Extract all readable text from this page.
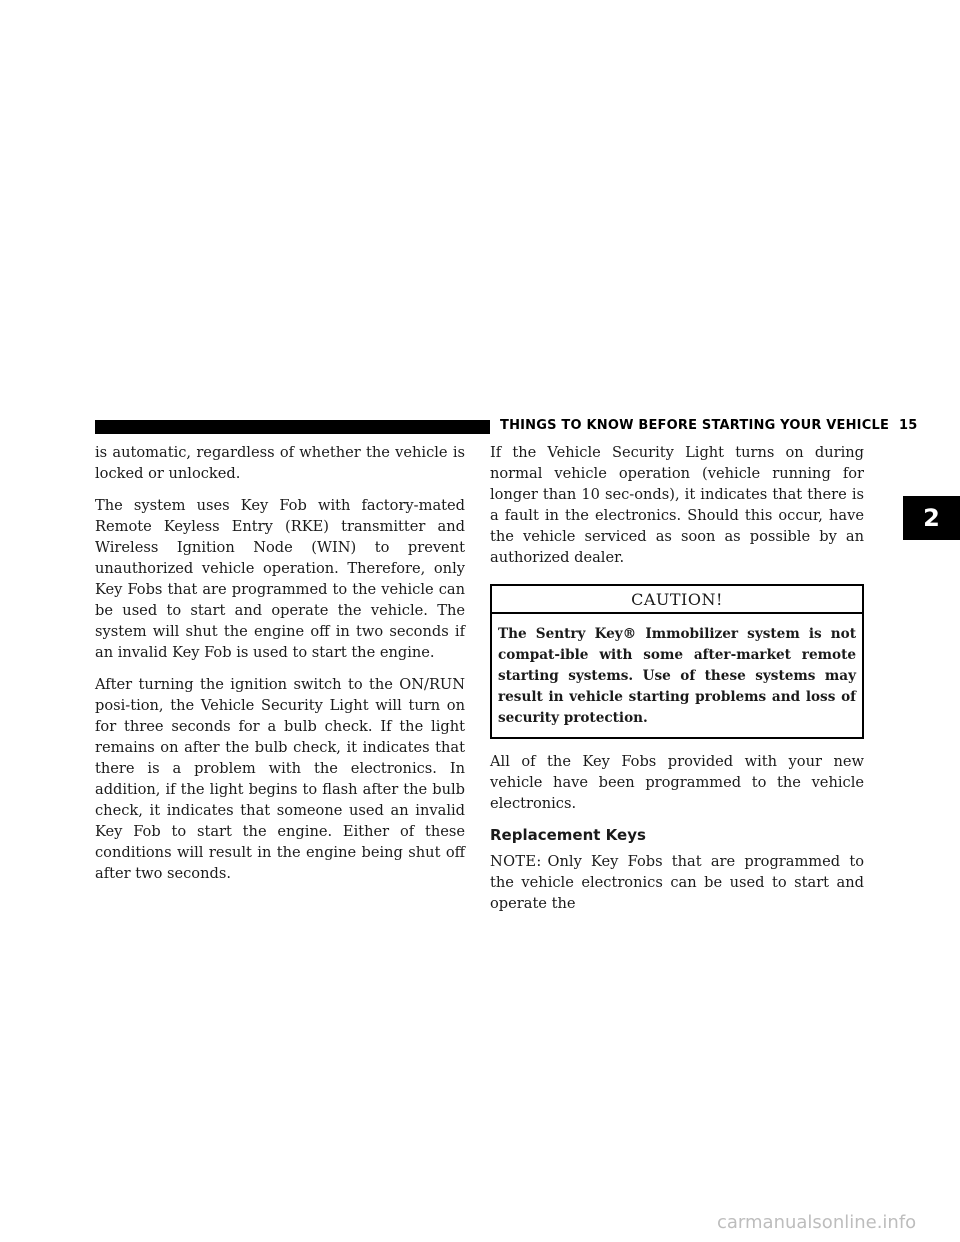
THINGS TO KNOW BEFORE STARTING YOUR VEHICLE 15
2

is automatic, regardless of whether the vehicle is locked or unlocked.

The system uses Key Fob with factory-mated Remote Keyless Entry (RKE) transmitter and Wireless Ignition Node (WIN) to prevent unauthorized vehicle operation. Therefore, only Key Fobs that are programmed to the vehicle can be used to start and operate the vehicle. The system will shut the engine off in two seconds if an invalid Key Fob is used to start the engine.

After turning the ignition switch to the ON/RUN posi-tion, the Vehicle Security Light will turn on for three seconds for a bulb check. If the light remains on after the bulb check, it indicates that there is a problem with the electronics. In addition, if the light begins to flash after the bulb check, it indicates that someone used an invalid Key Fob to start the engine. Either of these conditions will result in the engine being shut off after two seconds.

If the Vehicle Security Light turns on during normal vehicle operation (vehicle running for longer than 10 sec-onds), it indicates that there is a fault in the electronics. Should this occur, have the vehicle serviced as soon as possible by an authorized dealer.

CAUTION!
The Sentry Key® Immobilizer system is not compat-ible with some after-market remote starting systems. Use of these systems may result in vehicle starting problems and loss of security protection.

All of the Key Fobs provided with your new vehicle have been programmed to the vehicle electronics.

Replacement Keys

NOTE: Only Key Fobs that are programmed to the vehicle electronics can be used to start and operate the

carmanualsonline.info
